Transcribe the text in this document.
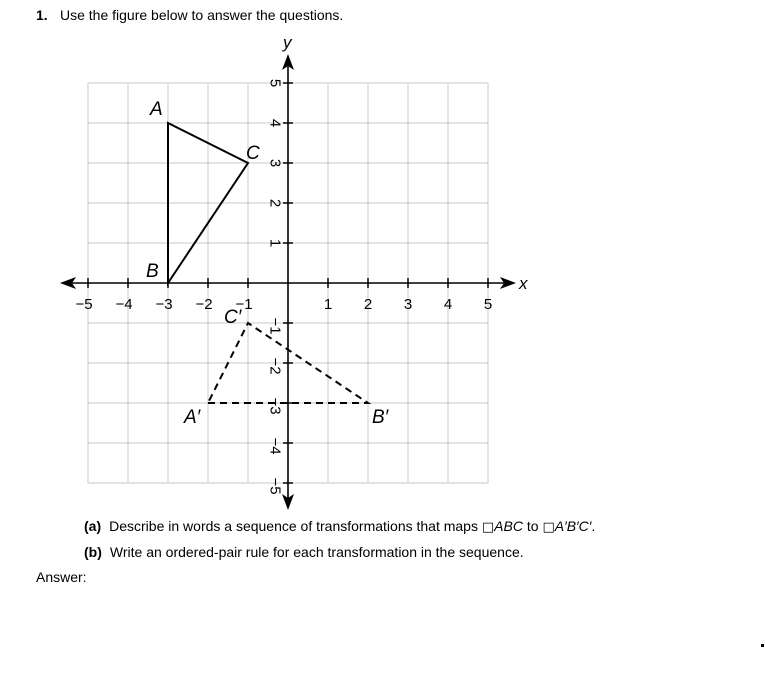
1. Use the figure below to answer the questions.
x
y
−5 −4 −3 −2 −1	1 2 3 4 5
5
4
3
2
1
−1
−2
−3
−4
−5
A
B
C
A′	B′
C′
(a) Describe in words a sequence of transformations that maps □ABC to □A′B′C′.
(b) Write an ordered-pair rule for each transformation in the sequence.
Answer:
